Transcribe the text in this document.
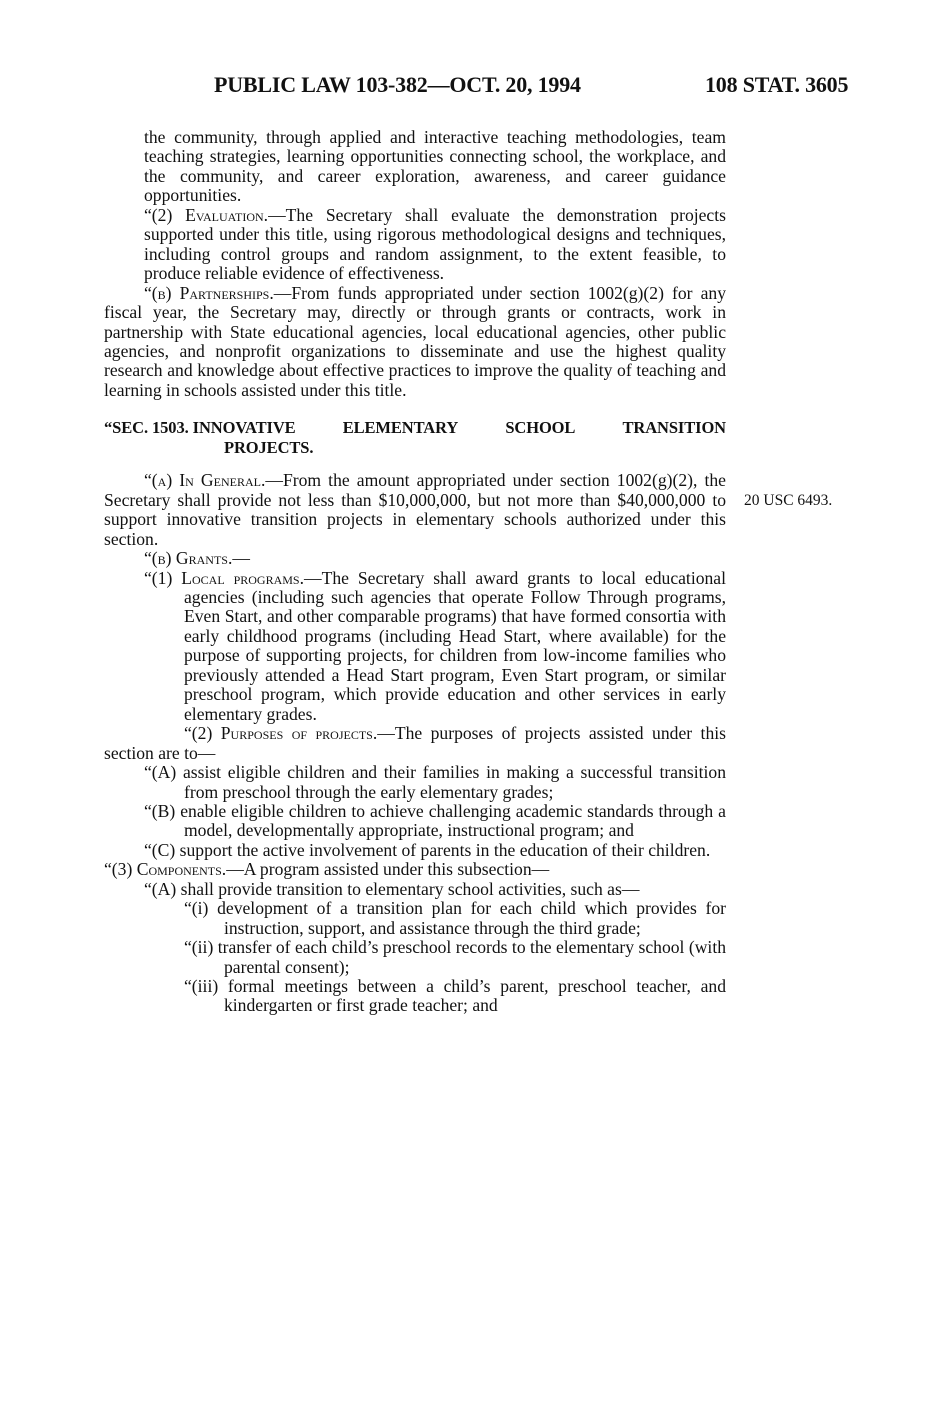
PUBLIC LAW 103-382—OCT. 20, 1994	108 STAT. 3605
20 USC 6493.

the community, through applied and interactive teaching methodologies, team teaching strategies, learning opportunities connecting school, the workplace, and the community, and career exploration, awareness, and career guidance opportunities.

“(2) Evaluation.—The Secretary shall evaluate the demonstration projects supported under this title, using rigorous methodological designs and techniques, including control groups and random assignment, to the extent feasible, to produce reliable evidence of effectiveness.

“(b) Partnerships.—From funds appropriated under section 1002(g)(2) for any fiscal year, the Secretary may, directly or through grants or contracts, work in partnership with State educational agencies, local educational agencies, other public agencies, and nonprofit organizations to disseminate and use the highest quality research and knowledge about effective practices to improve the quality of teaching and learning in schools assisted under this title.

“SEC. 1503. INNOVATIVE	ELEMENTARY	SCHOOL	TRANSITION
PROJECTS.

“(a) In General.—From the amount appropriated under section 1002(g)(2), the Secretary shall provide not less than $10,000,000, but not more than $40,000,000 to support innovative transition projects in elementary schools authorized under this section.

“(b) Grants.—

“(1) Local programs.—The Secretary shall award grants to local educational agencies (including such agencies that operate Follow Through programs, Even Start, and other comparable programs) that have formed consortia with early childhood programs (including Head Start, where available) for the purpose of supporting projects, for children from low-income families who previously attended a Head Start program, Even Start program, or similar preschool program, which provide education and other services in early elementary grades.

“(2) Purposes of projects.—The purposes of projects assisted under this section are to—

“(A) assist eligible children and their families in making a successful transition from preschool through the early elementary grades;

“(B) enable eligible children to achieve challenging academic standards through a model, developmentally appropriate, instructional program; and

“(C) support the active involvement of parents in the education of their children.

“(3) Components.—A program assisted under this subsection—

“(A) shall provide transition to elementary school activities, such as—

“(i) development of a transition plan for each child which provides for instruction, support, and assistance through the third grade;

“(ii) transfer of each child’s preschool records to the elementary school (with parental consent);

“(iii) formal meetings between a child’s parent, preschool teacher, and kindergarten or first grade teacher; and
